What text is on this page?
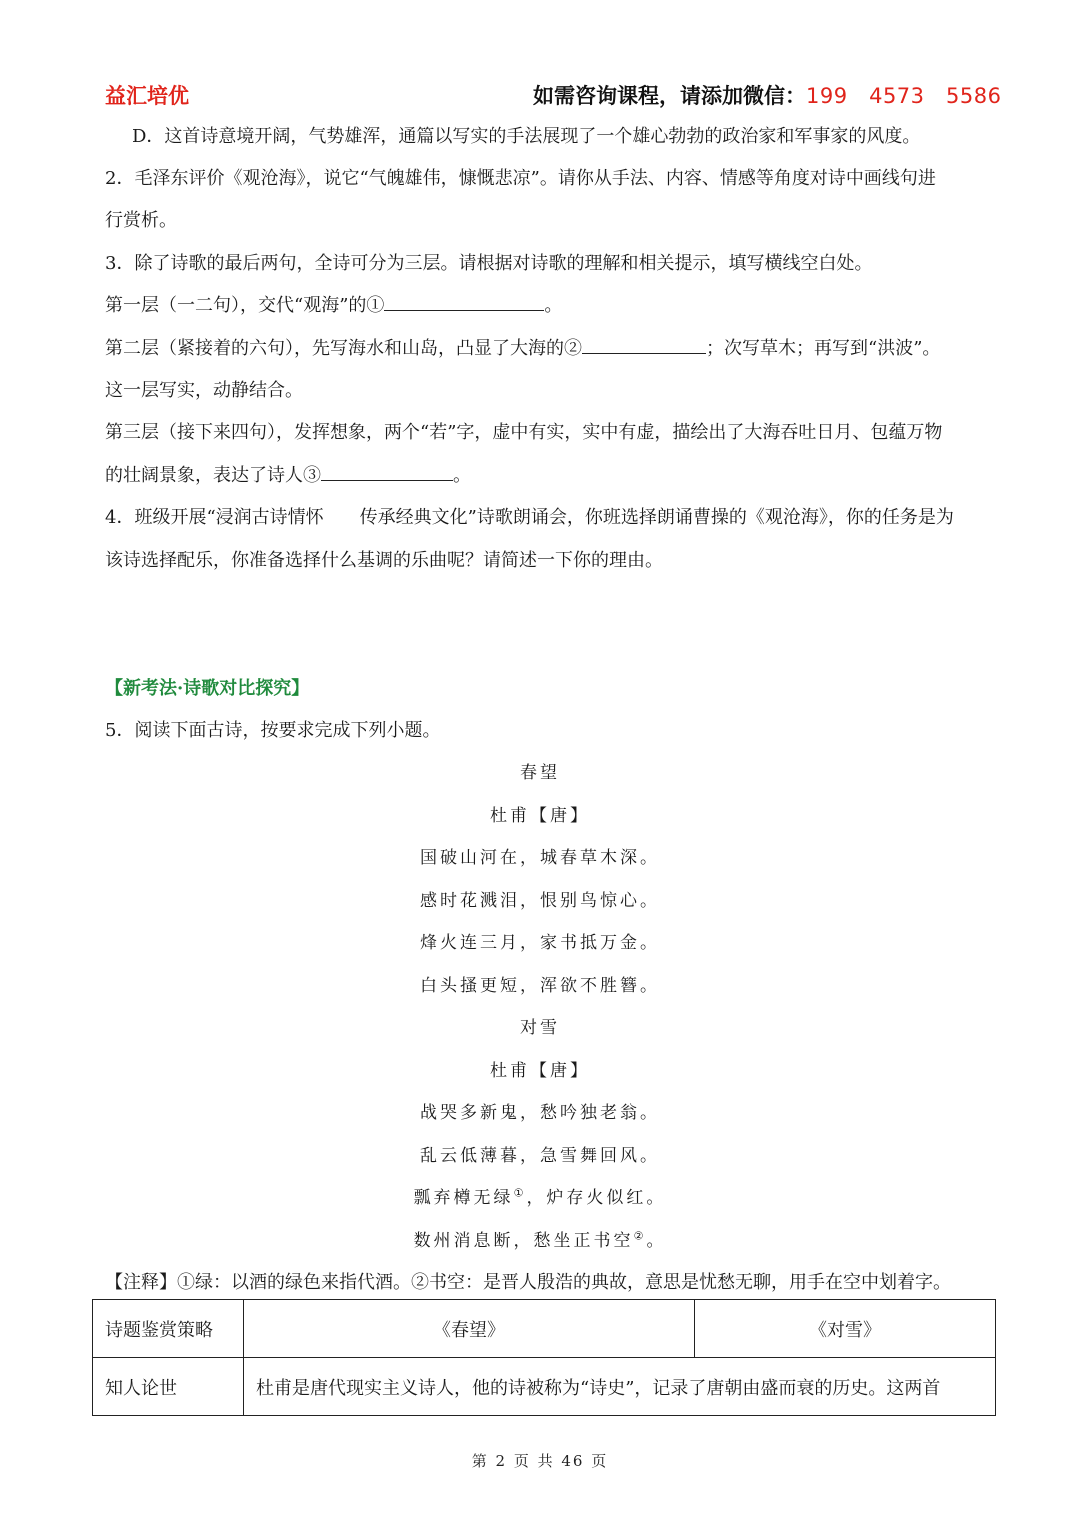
益汇培优	如需咨询课程，请添加微信：199　4573　5586
D．这首诗意境开阔，气势雄浑，通篇以写实的手法展现了一个雄心勃勃的政治家和军事家的风度。
2．毛泽东评价《观沧海》，说它“气魄雄伟，慷慨悲凉”。请你从手法、内容、情感等角度对诗中画线句进
行赏析。
3．除了诗歌的最后两句，全诗可分为三层。请根据对诗歌的理解和相关提示，填写横线空白处。
第一层（一二句），交代“观海”的①	。
第二层（紧接着的六句），先写海水和山岛，凸显了大海的②	；次写草木；再写到“洪波”。
这一层写实，动静结合。
第三层（接下来四句），发挥想象，两个“若”字，虚中有实，实中有虚，描绘出了大海吞吐日月、包蕴万物
的壮阔景象，表达了诗人③	。
4．班级开展“浸润古诗情怀　　传承经典文化”诗歌朗诵会，你班选择朗诵曹操的《观沧海》，你的任务是为
该诗选择配乐，你准备选择什么基调的乐曲呢？请简述一下你的理由。
【新考法·诗歌对比探究】
5．阅读下面古诗，按要求完成下列小题。
春望
杜甫【唐】
国破山河在，城春草木深。
感时花溅泪，恨别鸟惊心。
烽火连三月，家书抵万金。
白头搔更短，浑欲不胜簪。
对雪
杜甫【唐】
战哭多新鬼，愁吟独老翁。
乱云低薄暮，急雪舞回风。
瓢弃樽无绿①，炉存火似红。
数州消息断，愁坐正书空②。
【注释】①绿：以酒的绿色来指代酒。②书空：是晋人殷浩的典故，意思是忧愁无聊，用手在空中划着字。
诗题鉴赏策略	《春望》	《对雪》
知人论世	杜甫是唐代现实主义诗人，他的诗被称为“诗史”，记录了唐朝由盛而衰的历史。这两首	
第 2 页 共 46 页
